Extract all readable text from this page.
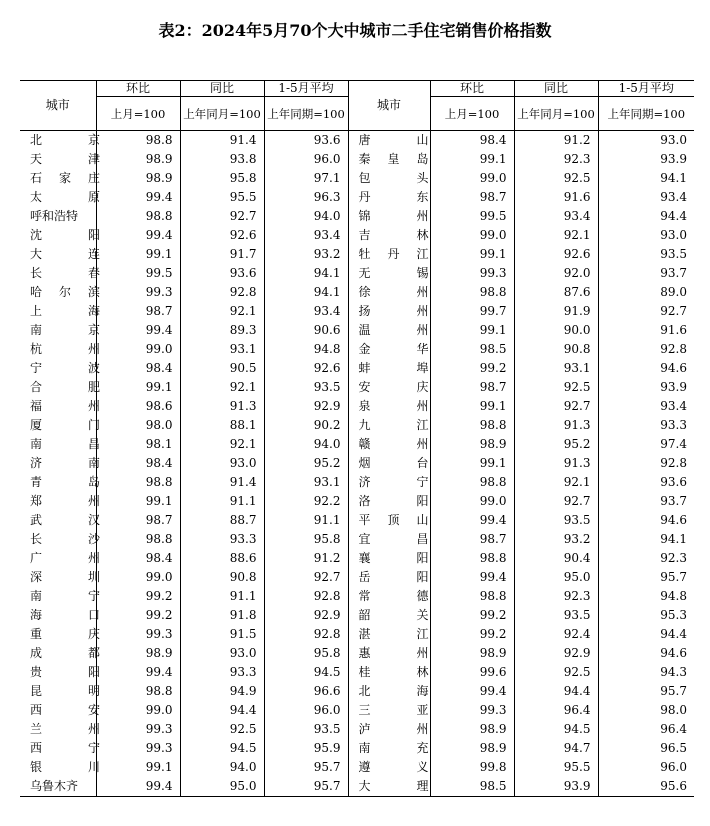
表2：2024年5月70个大中城市二手住宅销售价格指数
城市	环比	同比	1-5月平均	城市	环比	同比	1-5月平均
	上月=100	上年同月=100	上年同期=100		上月=100	上年同月=100	上年同期=100

北 京	98.8	91.4	93.6	唐 山	98.4	91.2	93.0

天 津	98.9	93.8	96.0	秦 皇 岛	99.1	92.3	93.9

石 家 庄	98.9	95.8	97.1	包 头	99.0	92.5	94.1

太 原	99.4	95.5	96.3	丹 东	98.7	91.6	93.4

呼和浩特	98.8	92.7	94.0	锦 州	99.5	93.4	94.4

沈 阳	99.4	92.6	93.4	吉 林	99.0	92.1	93.0

大 连	99.1	91.7	93.2	牡 丹 江	99.1	92.6	93.5

长 春	99.5	93.6	94.1	无 锡	99.3	92.0	93.7

哈 尔 滨	99.3	92.8	94.1	徐 州	98.8	87.6	89.0

上 海	98.7	92.1	93.4	扬 州	99.7	91.9	92.7

南 京	99.4	89.3	90.6	温 州	99.1	90.0	91.6

杭 州	99.0	93.1	94.8	金 华	98.5	90.8	92.8

宁 波	98.4	90.5	92.6	蚌 埠	99.2	93.1	94.6

合 肥	99.1	92.1	93.5	安 庆	98.7	92.5	93.9

福 州	98.6	91.3	92.9	泉 州	99.1	92.7	93.4

厦 门	98.0	88.1	90.2	九 江	98.8	91.3	93.3

南 昌	98.1	92.1	94.0	赣 州	98.9	95.2	97.4

济 南	98.4	93.0	95.2	烟 台	99.1	91.3	92.8

青 岛	98.8	91.4	93.1	济 宁	98.8	92.1	93.6

郑 州	99.1	91.1	92.2	洛 阳	99.0	92.7	93.7

武 汉	98.7	88.7	91.1	平 顶 山	99.4	93.5	94.6

长 沙	98.8	93.3	95.8	宜 昌	98.7	93.2	94.1

广 州	98.4	88.6	91.2	襄 阳	98.8	90.4	92.3

深 圳	99.0	90.8	92.7	岳 阳	99.4	95.0	95.7

南 宁	99.2	91.1	92.8	常 德	98.8	92.3	94.8

海 口	99.2	91.8	92.9	韶 关	99.2	93.5	95.3

重 庆	99.3	91.5	92.8	湛 江	99.2	92.4	94.4

成 都	98.9	93.0	95.8	惠 州	98.9	92.9	94.6

贵 阳	99.4	93.3	94.5	桂 林	99.6	92.5	94.3

昆 明	98.8	94.9	96.6	北 海	99.4	94.4	95.7

西 安	99.0	94.4	96.0	三 亚	99.3	96.4	98.0

兰 州	99.3	92.5	93.5	泸 州	98.9	94.5	96.4

西 宁	99.3	94.5	95.9	南 充	98.9	94.7	96.5

银 川	99.1	94.0	95.7	遵 义	99.8	95.5	96.0

乌鲁木齐	99.4	95.0	95.7	大 理	98.5	93.9	95.6
